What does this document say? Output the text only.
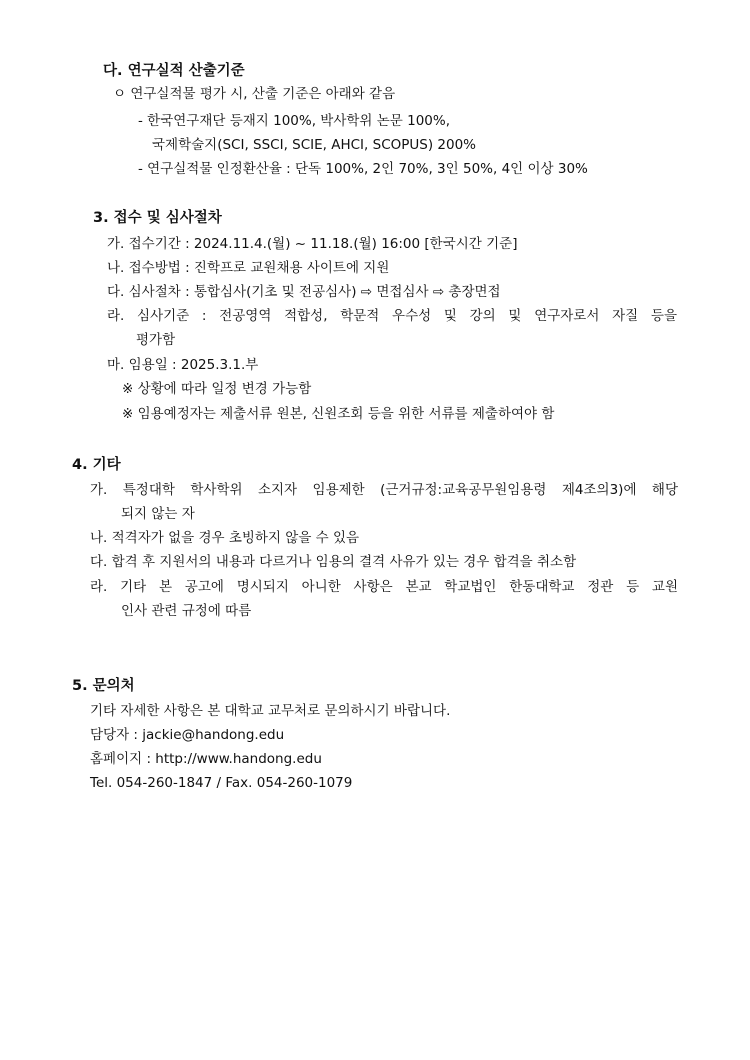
다. 연구실적 산출기준
ㅇ 연구실적물 평가 시, 산출 기준은 아래와 같음
- 한국연구재단 등재지 100%, 박사학위 논문 100%,
국제학술지(SCI, SSCI, SCIE, AHCI, SCOPUS) 200%
- 연구실적물 인정환산율 : 단독 100%, 2인 70%, 3인 50%, 4인 이상 30%
3. 접수 및 심사절차
가. 접수기간 : 2024.11.4.(월) ~ 11.18.(월) 16:00 [한국시간 기준]
나. 접수방법 : 진학프로 교원채용 사이트에 지원
다. 심사절차 : 통합심사(기초 및 전공심사) ⇨ 면접심사 ⇨ 총장면접
라. 심사기준 : 전공영역 적합성, 학문적 우수성 및 강의 및 연구자로서 자질 등을
평가함
마. 임용일 : 2025.3.1.부
※ 상황에 따라 일정 변경 가능함
※ 임용예정자는 제출서류 원본, 신원조회 등을 위한 서류를 제출하여야 함
4. 기타
가. 특정대학 학사학위 소지자 임용제한 (근거규정:교육공무원임용령 제4조의3)에 해당
되지 않는 자
나. 적격자가 없을 경우 초빙하지 않을 수 있음
다. 합격 후 지원서의 내용과 다르거나 임용의 결격 사유가 있는 경우 합격을 취소함
라. 기타 본 공고에 명시되지 아니한 사항은 본교 학교법인 한동대학교 정관 등 교원
인사 관련 규정에 따름
5. 문의처
기타 자세한 사항은 본 대학교 교무처로 문의하시기 바랍니다.
담당자 : jackie@handong.edu
홈페이지 : http://www.handong.edu
Tel. 054-260-1847 / Fax. 054-260-1079
